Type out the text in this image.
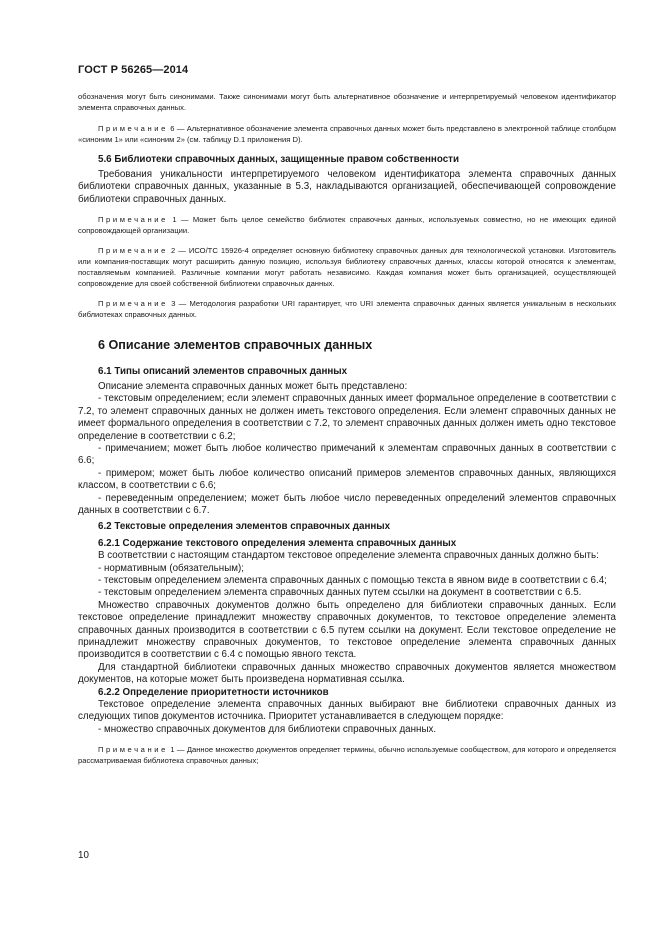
ГОСТ Р 56265—2014

обозначения могут быть синонимами. Также синонимами могут быть альтернативное обозначение и интерпретируемый человеком идентификатор элемента справочных данных.

Примечание 6 — Альтернативное обозначение элемента справочных данных может быть представлено в электронной таблице столбцом «синоним 1» или «синоним 2» (см. таблицу D.1 приложения D).

5.6 Библиотеки справочных данных, защищенные правом собственности

Требования уникальности интерпретируемого человеком идентификатора элемента справочных данных библиотеки справочных данных, указанные в 5.3, накладываются организацией, обеспечивающей сопровождение библиотеки справочных данных.

Примечание 1 — Может быть целое семейство библиотек справочных данных, используемых совместно, но не имеющих единой сопровождающей организации.

Примечание 2 — ИСО/ТС 15926-4 определяет основную библиотеку справочных данных для технологической установки. Изготовитель или компания-поставщик могут расширить данную позицию, используя библиотеку справочных данных, классы которой относятся к элементам, поставляемым компанией. Различные компании могут работать независимо. Каждая компания может быть организацией, осуществляющей сопровождение для своей собственной библиотеки справочных данных.

Примечание 3 — Методология разработки URI гарантирует, что URI элемента справочных данных является уникальным в нескольких библиотеках справочных данных.

6 Описание элементов справочных данных

6.1 Типы описаний элементов справочных данных

Описание элемента справочных данных может быть представлено:

- текстовым определением; если элемент справочных данных имеет формальное определение в соответствии с 7.2, то элемент справочных данных не должен иметь текстового определения. Если элемент справочных данных не имеет формального определения в соответствии с 7.2, то элемент справочных данных должен иметь одно текстовое определение в соответствии с 6.2;

- примечанием; может быть любое количество примечаний к элементам справочных данных в соответствии с 6.6;

- примером; может быть любое количество описаний примеров элементов справочных данных, являющихся классом, в соответствии с 6.6;

- переведенным определением; может быть любое число переведенных определений элементов справочных данных в соответствии с 6.7.

6.2 Текстовые определения элементов справочных данных

6.2.1 Содержание текстового определения элемента справочных данных

В соответствии с настоящим стандартом текстовое определение элемента справочных данных должно быть:

- нормативным (обязательным);

- текстовым определением элемента справочных данных с помощью текста в явном виде в соответствии с 6.4;

- текстовым определением элемента справочных данных путем ссылки на документ в соответствии с 6.5.

Множество справочных документов должно быть определено для библиотеки справочных данных. Если текстовое определение принадлежит множеству справочных документов, то текстовое определение элемента справочных данных производится в соответствии с 6.5 путем ссылки на документ. Если текстовое определение не принадлежит множеству справочных документов, то текстовое определение элемента справочных данных производится в соответствии с 6.4 с помощью явного текста.

Для стандартной библиотеки справочных данных множество справочных документов является множеством документов, на которые может быть произведена нормативная ссылка.

6.2.2 Определение приоритетности источников

Текстовое определение элемента справочных данных выбирают вне библиотеки справочных данных из следующих типов документов источника. Приоритет устанавливается в следующем порядке:

- множество справочных документов для библиотеки справочных данных.

Примечание 1 — Данное множество документов определяет термины, обычно используемые сообществом, для которого и определяется рассматриваемая библиотека справочных данных;

10
